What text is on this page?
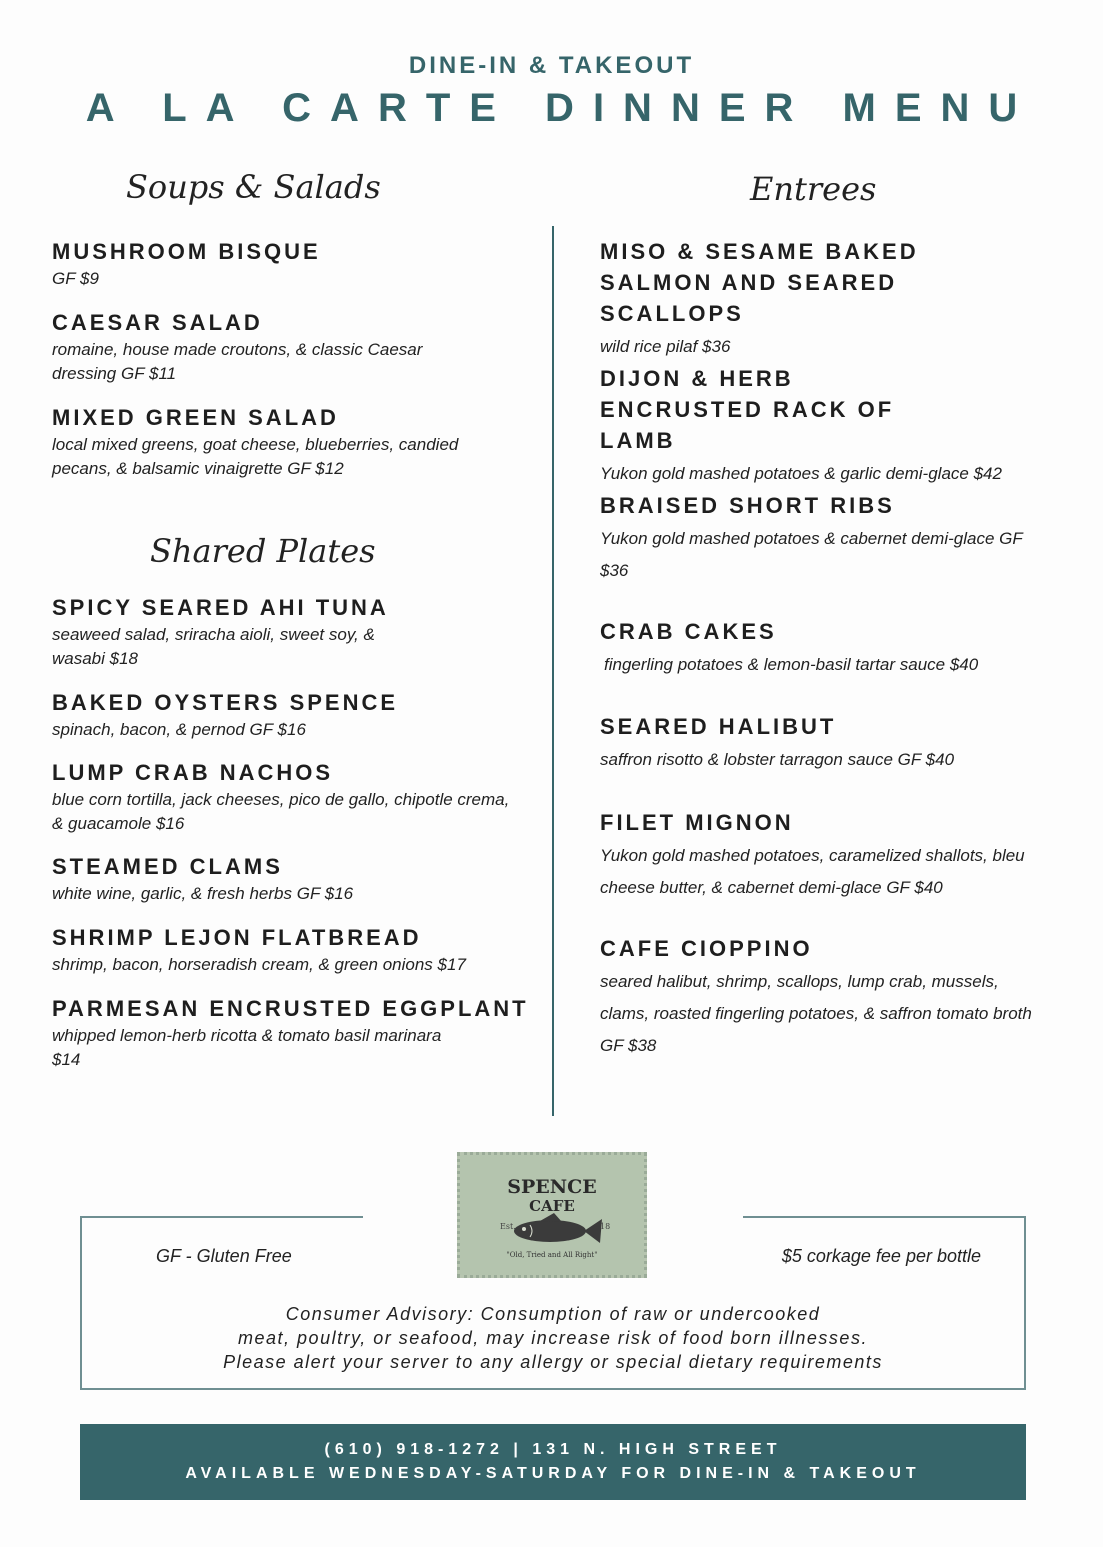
DINE-IN & TAKEOUT
A LA CARTE DINNER MENU
Soups & Salads	Entrees
Shared Plates
MUSHROOM BISQUE
GF $9
CAESAR SALAD
romaine, house made croutons, & classic Caesar dressing GF $11
MIXED GREEN SALAD
local mixed greens, goat cheese, blueberries, candied pecans, & balsamic vinaigrette GF $12
SPICY SEARED AHI TUNA
seaweed salad, sriracha aioli, sweet soy, & wasabi $18
BAKED OYSTERS SPENCE
spinach, bacon, & pernod GF $16
LUMP CRAB NACHOS
blue corn tortilla, jack cheeses, pico de gallo, chipotle crema, & guacamole $16
STEAMED CLAMS
white wine, garlic, & fresh herbs GF $16
SHRIMP LEJON FLATBREAD
shrimp, bacon, horseradish cream, & green onions $17
PARMESAN ENCRUSTED EGGPLANT
whipped lemon-herb ricotta & tomato basil marinara $14
MISO & SESAME BAKED SALMON AND SEARED SCALLOPS
wild rice pilaf $36
DIJON & HERB ENCRUSTED RACK OF LAMB
Yukon gold mashed potatoes & garlic demi-glace $42
BRAISED SHORT RIBS
Yukon gold mashed potatoes & cabernet demi-glace GF $36
CRAB CAKES
fingerling potatoes & lemon-basil tartar sauce $40
SEARED HALIBUT
saffron risotto & lobster tarragon sauce GF $40
FILET MIGNON
Yukon gold mashed potatoes, caramelized shallots, bleu cheese butter, & cabernet demi-glace GF $40
CAFE CIOPPINO
seared halibut, shrimp, scallops, lump crab, mussels, clams, roasted fingerling potatoes, & saffron tomato broth GF $38
GF - Gluten Free	$5 corkage fee per bottle
Consumer Advisory: Consumption of raw or undercooked
meat, poultry, or seafood, may increase risk of food born illnesses.
Please alert your server to any allergy or special dietary requirements
SPENCE
CAFE
Est.	18
"Old, Tried and All Right"
(610) 918-1272 | 131 N. HIGH STREET
AVAILABLE WEDNESDAY-SATURDAY FOR DINE-IN & TAKEOUT
